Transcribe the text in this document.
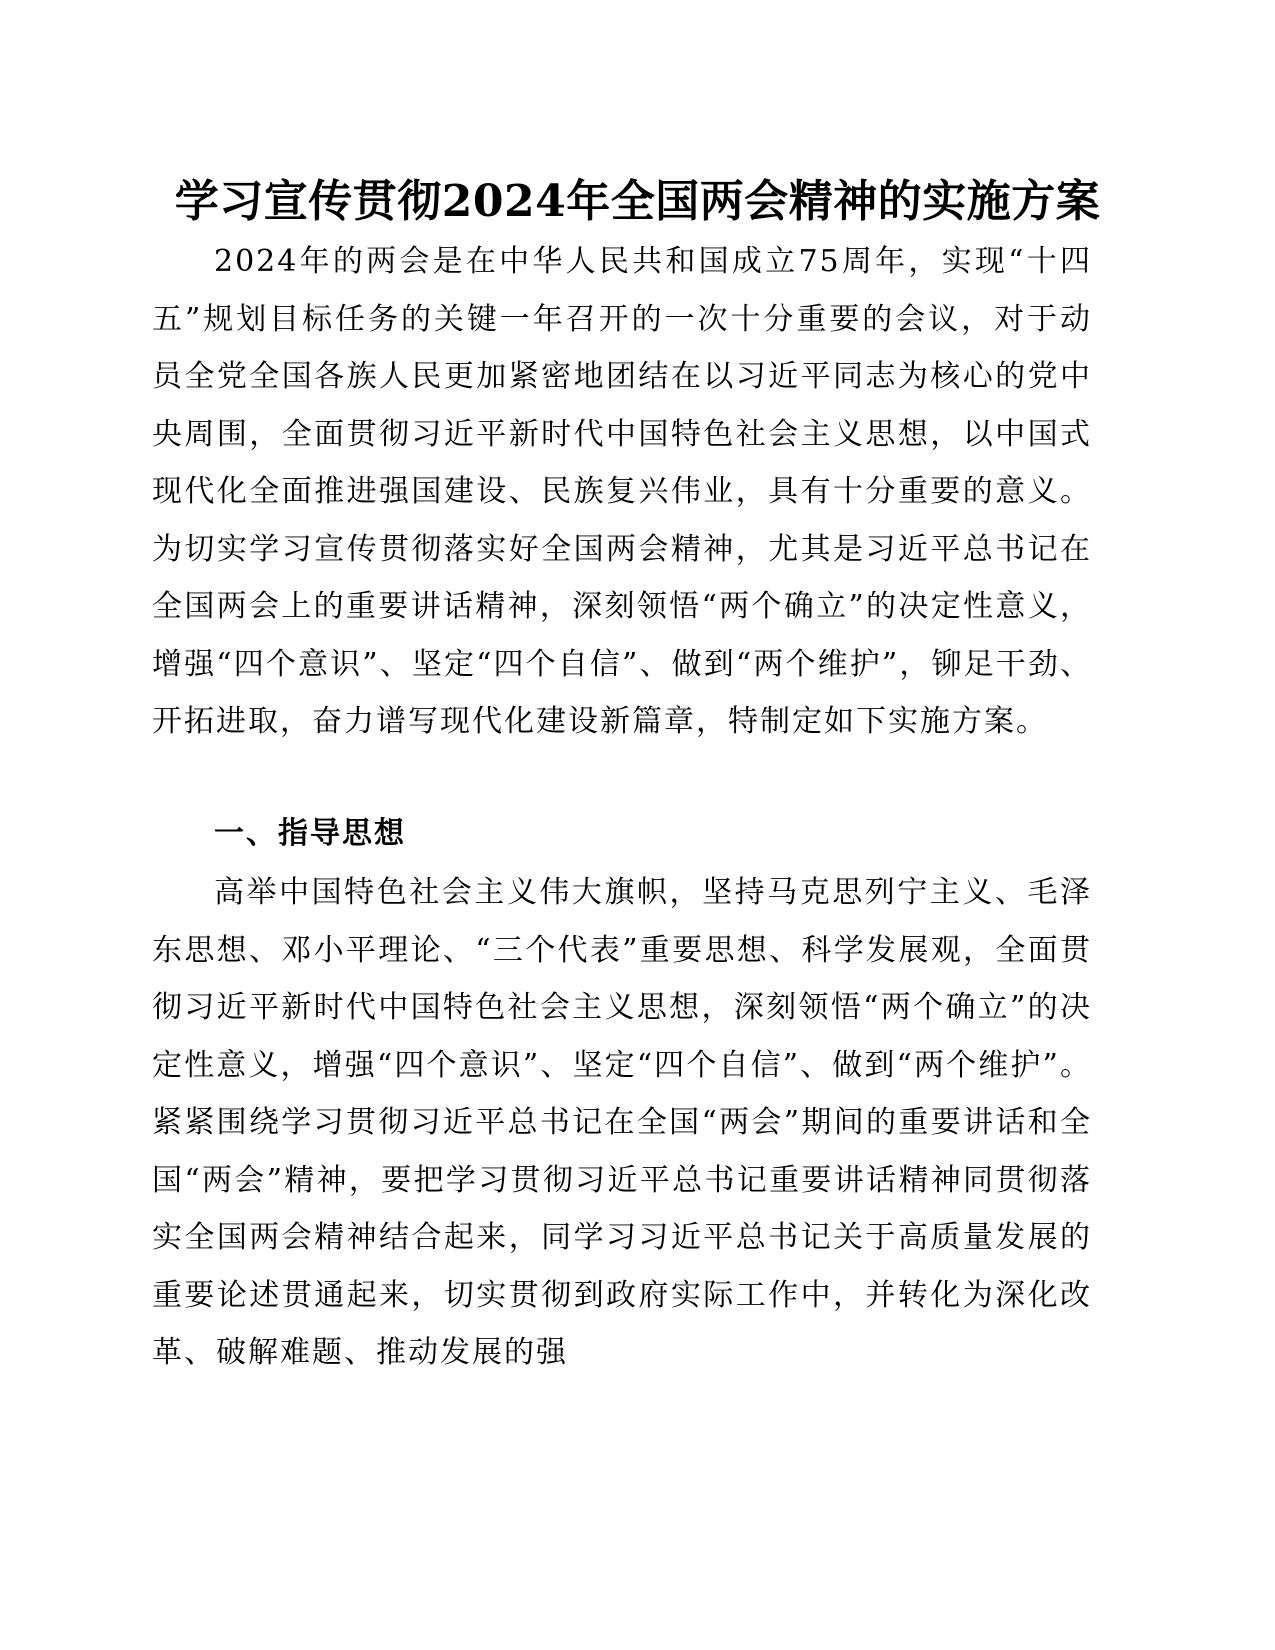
学习宣传贯彻2024年全国两会精神的实施方案

2024年的两会是在中华人民共和国成立75周年，实现“十四五”规划目标任务的关键一年召开的一次十分重要的会议，对于动员全党全国各族人民更加紧密地团结在以习近平同志为核心的党中央周围，全面贯彻习近平新时代中国特色社会主义思想，以中国式现代化全面推进强国建设、民族复兴伟业，具有十分重要的意义。为切实学习宣传贯彻落实好全国两会精神，尤其是习近平总书记在全国两会上的重要讲话精神，深刻领悟“两个确立”的决定性意义，增强“四个意识”、坚定“四个自信”、做到“两个维护”，铆足干劲、开拓进取，奋力谱写现代化建设新篇章，特制定如下实施方案。

一、指导思想

高举中国特色社会主义伟大旗帜，坚持马克思列宁主义、毛泽东思想、邓小平理论、“三个代表”重要思想、科学发展观，全面贯彻习近平新时代中国特色社会主义思想，深刻领悟“两个确立”的决定性意义，增强“四个意识”、坚定“四个自信”、做到“两个维护”。紧紧围绕学习贯彻习近平总书记在全国“两会”期间的重要讲话和全国“两会”精神，要把学习贯彻习近平总书记重要讲话精神同贯彻落实全国两会精神结合起来，同学习习近平总书记关于高质量发展的重要论述贯通起来，切实贯彻到政府实际工作中，并转化为深化改革、破解难题、推动发展的强
